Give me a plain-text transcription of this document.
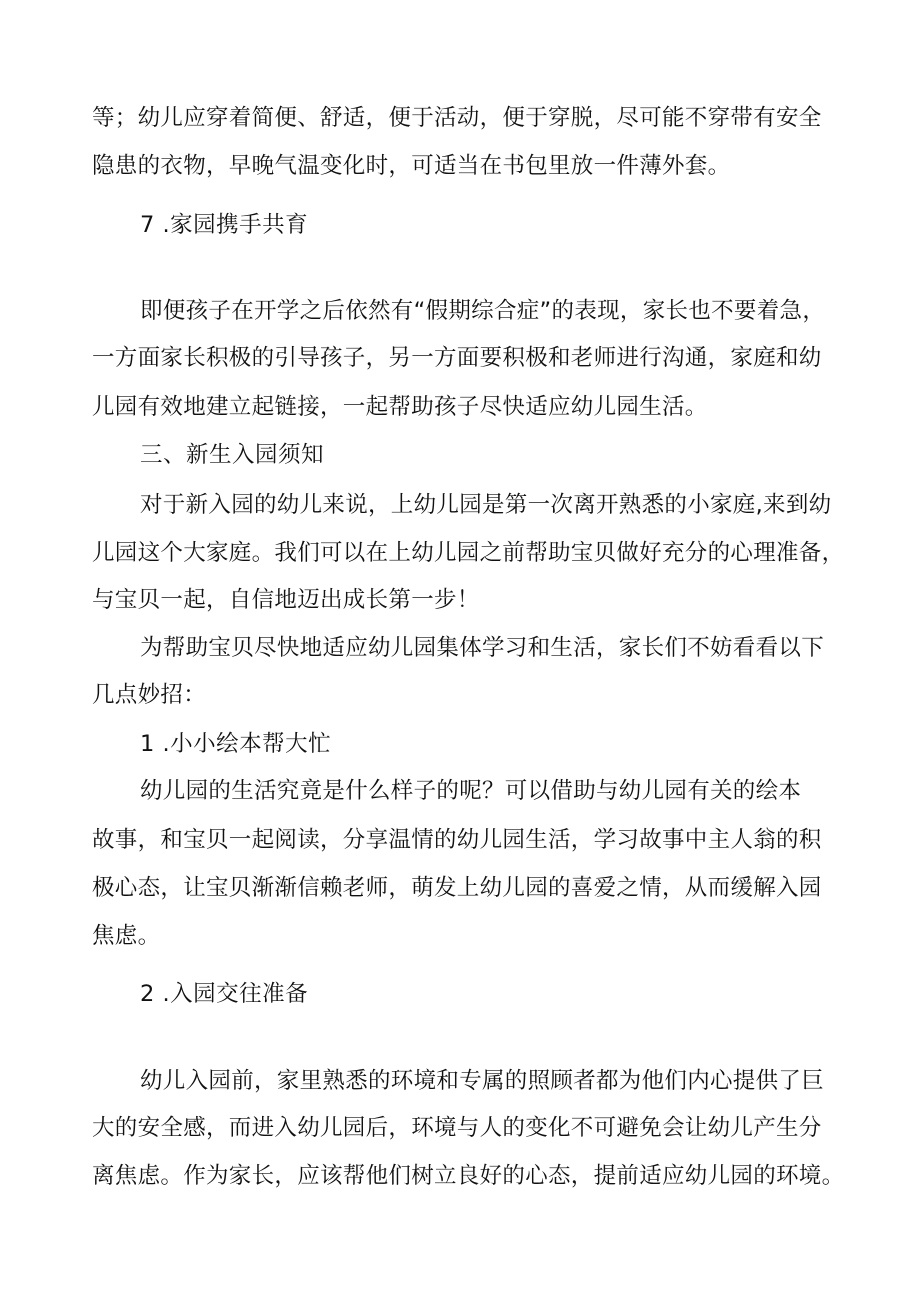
等；幼儿应穿着简便、舒适，便于活动，便于穿脱，尽可能不穿带有安全
隐患的衣物，早晚气温变化时，可适当在书包里放一件薄外套。
7 .家园携手共育
即便孩子在开学之后依然有“假期综合症”的表现，家长也不要着急，
一方面家长积极的引导孩子，另一方面要积极和老师进行沟通，家庭和幼
儿园有效地建立起链接，一起帮助孩子尽快适应幼儿园生活。
三、新生入园须知
对于新入园的幼儿来说，上幼儿园是第一次离开熟悉的小家庭,来到幼
儿园这个大家庭。我们可以在上幼儿园之前帮助宝贝做好充分的心理准备，
与宝贝一起，自信地迈出成长第一步！
为帮助宝贝尽快地适应幼儿园集体学习和生活，家长们不妨看看以下
几点妙招：
1 .小小绘本帮大忙
幼儿园的生活究竟是什么样子的呢？可以借助与幼儿园有关的绘本
故事，和宝贝一起阅读，分享温情的幼儿园生活，学习故事中主人翁的积
极心态，让宝贝渐渐信赖老师，萌发上幼儿园的喜爱之情，从而缓解入园
焦虑。
2 .入园交往准备
幼儿入园前，家里熟悉的环境和专属的照顾者都为他们内心提供了巨
大的安全感，而进入幼儿园后，环境与人的变化不可避免会让幼儿产生分
离焦虑。作为家长，应该帮他们树立良好的心态，提前适应幼儿园的环境。
